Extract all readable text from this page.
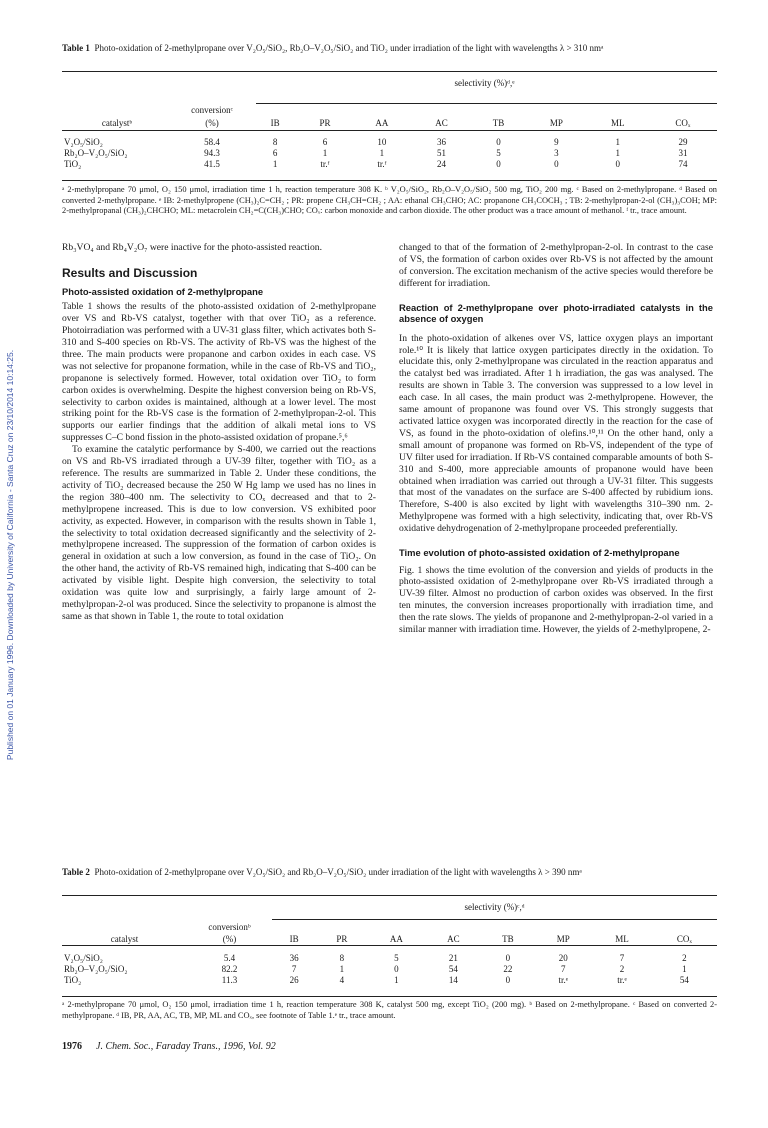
Published on 01 January 1996. Downloaded by University of California - Santa Cruz on 23/10/2014 10:14:25.
Table 1 Photo-oxidation of 2-methylpropane over V₂O₅/SiO₂, Rb₂O–V₂O₅/SiO₂ and TiO₂ under irradiation of the light with wavelengths λ > 310 nmᵃ
		selectivity (%)ᵈ,ᵉ							
	conversionᶜ								
catalystᵇ	(%)	IB	PR	AA	AC	TB	MP	ML	COₓ

V₂O₅/SiO₂	58.4	8	6	10	36	0	9	1	29
Rb₂O–V₂O₅/SiO₂	94.3	6	1	1	51	5	3	1	31
TiO₂	41.5	1	tr.ᶠ	tr.ᶠ	24	0	0	0	74
ᵃ 2-methylpropane 70 μmol, O₂ 150 μmol, irradiation time 1 h, reaction temperature 308 K. ᵇ V₂O₅/SiO₂, Rb₂O–V₂O₅/SiO₂ 500 mg, TiO₂ 200 mg. ᶜ Based on 2-methylpropane. ᵈ Based on converted 2-methylpropane. ᵉ IB: 2-methylpropene (CH₃)₂C=CH₂ ; PR: propene CH₃CH=CH₂ ; AA: ethanal CH₃CHO; AC: propanone CH₃COCH₃ ; TB: 2-methylpropan-2-ol (CH₃)₃COH; MP: 2-methylpropanal (CH₃)₂CHCHO; ML: metacrolein CH₂=C(CH₃)CHO; COₓ: carbon monoxide and carbon dioxide. The other product was a trace amount of methanol. ᶠ tr., trace amount.

Rb₃VO₄ and Rb₄V₂O₇ were inactive for the photo-assisted reaction.

Results and Discussion
Photo-assisted oxidation of 2-methylpropane

Table 1 shows the results of the photo-assisted oxidation of 2-methylpropane over VS and Rb-VS catalyst, together with that over TiO₂ as a reference. Photoirradiation was performed with a UV-31 glass filter, which activates both S-310 and S-400 species on Rb-VS. The activity of Rb-VS was the highest of the three. The main products were propanone and carbon oxides in each case. VS was not selective for propanone formation, while in the case of Rb-VS and TiO₂, propanone is selectively formed. However, total oxidation over TiO₂ to form carbon oxides is overwhelming. Despite the highest conversion being on Rb-VS, selectivity to carbon oxides is maintained, although at a lower level. The most striking point for the Rb-VS case is the formation of 2-methylpropan-2-ol. This supports our earlier findings that the addition of alkali metal ions to VS suppresses C–C bond fission in the photo-assisted oxidation of propane.⁵,⁶

To examine the catalytic performance by S-400, we carried out the reactions on VS and Rb-VS irradiated through a UV-39 filter, together with TiO₂ as a reference. The results are summarized in Table 2. Under these conditions, the activity of TiO₂ decreased because the 250 W Hg lamp we used has no lines in the region 380–400 nm. The selectivity to COₓ decreased and that to 2-methylpropene increased. This is due to low conversion. VS exhibited poor activity, as expected. However, in comparison with the results shown in Table 1, the selectivity to total oxidation decreased significantly and the selectivity of 2-methylpropene increased. The suppression of the formation of carbon oxides is general in oxidation at such a low conversion, as found in the case of TiO₂. On the other hand, the activity of Rb-VS remained high, indicating that S-400 can be activated by visible light. Despite high conversion, the selectivity to total oxidation was quite low and surprisingly, a fairly large amount of 2-methylpropan-2-ol was produced. Since the selectivity to propanone is almost the same as that shown in Table 1, the route to total oxidation

changed to that of the formation of 2-methylpropan-2-ol. In contrast to the case of VS, the formation of carbon oxides over Rb-VS is not affected by the amount of conversion. The excitation mechanism of the active species would therefore be different for irradiation.

Reaction of 2-methylpropane over photo-irradiated catalysts in the absence of oxygen

In the photo-oxidation of alkenes over VS, lattice oxygen plays an important role.¹⁰ It is likely that lattice oxygen participates directly in the oxidation. To elucidate this, only 2-methylpropane was circulated in the reaction apparatus and the catalyst bed was irradiated. After 1 h irradiation, the gas was analysed. The results are shown in Table 3. The conversion was suppressed to a low level in each case. In all cases, the main product was 2-methylpropene. However, the same amount of propanone was found over VS. This strongly suggests that activated lattice oxygen was incorporated directly in the reaction for the case of VS, as found in the photo-oxidation of olefins.¹⁰,¹¹ On the other hand, only a small amount of propanone was formed on Rb-VS, independent of the type of UV filter used for irradiation. If Rb-VS contained comparable amounts of both S-310 and S-400, more appreciable amounts of propanone would have been obtained when irradiation was carried out through a UV-31 filter. This suggests that most of the vanadates on the surface are S-400 affected by rubidium ions. Therefore, S-400 is also excited by light with wavelengths 310–390 nm. 2-Methylpropene was formed with a high selectivity, indicating that, over Rb-VS oxidative dehydrogenation of 2-methylpropane proceeded preferentially.

Time evolution of photo-assisted oxidation of 2-methylpropane

Fig. 1 shows the time evolution of the conversion and yields of products in the photo-assisted oxidation of 2-methylpropane over Rb-VS irradiated through a UV-39 filter. Almost no production of carbon oxides was observed. In the first ten minutes, the conversion increases proportionally with irradiation time, and then the rate slows. The yields of propanone and 2-methylpropan-2-ol varied in a similar manner with irradiation time. However, the yields of 2-methylpropene, 2-

Table 2 Photo-oxidation of 2-methylpropane over V₂O₅/SiO₂ and Rb₂O–V₂O₅/SiO₂ under irradiation of the light with wavelengths λ > 390 nmᵃ
		selectivity (%)ᶜ,ᵈ							
	conversionᵇ								
catalyst	(%)	IB	PR	AA	AC	TB	MP	ML	COₓ

V₂O₅/SiO₂	5.4	36	8	5	21	0	20	7	2
Rb₂O–V₂O₅/SiO₂	82.2	7	1	0	54	22	7	2	1
TiO₂	11.3	26	4	1	14	0	tr.ᵉ	tr.ᵉ	54
ᵃ 2-methylpropane 70 μmol, O₂ 150 μmol, irradiation time 1 h, reaction temperature 308 K, catalyst 500 mg, except TiO₂ (200 mg). ᵇ Based on 2-methylpropane. ᶜ Based on converted 2-methylpropane. ᵈ IB, PR, AA, AC, TB, MP, ML and COₓ, see footnote of Table 1.ᵉ tr., trace amount.
1976 J. Chem. Soc., Faraday Trans., 1996, Vol. 92
